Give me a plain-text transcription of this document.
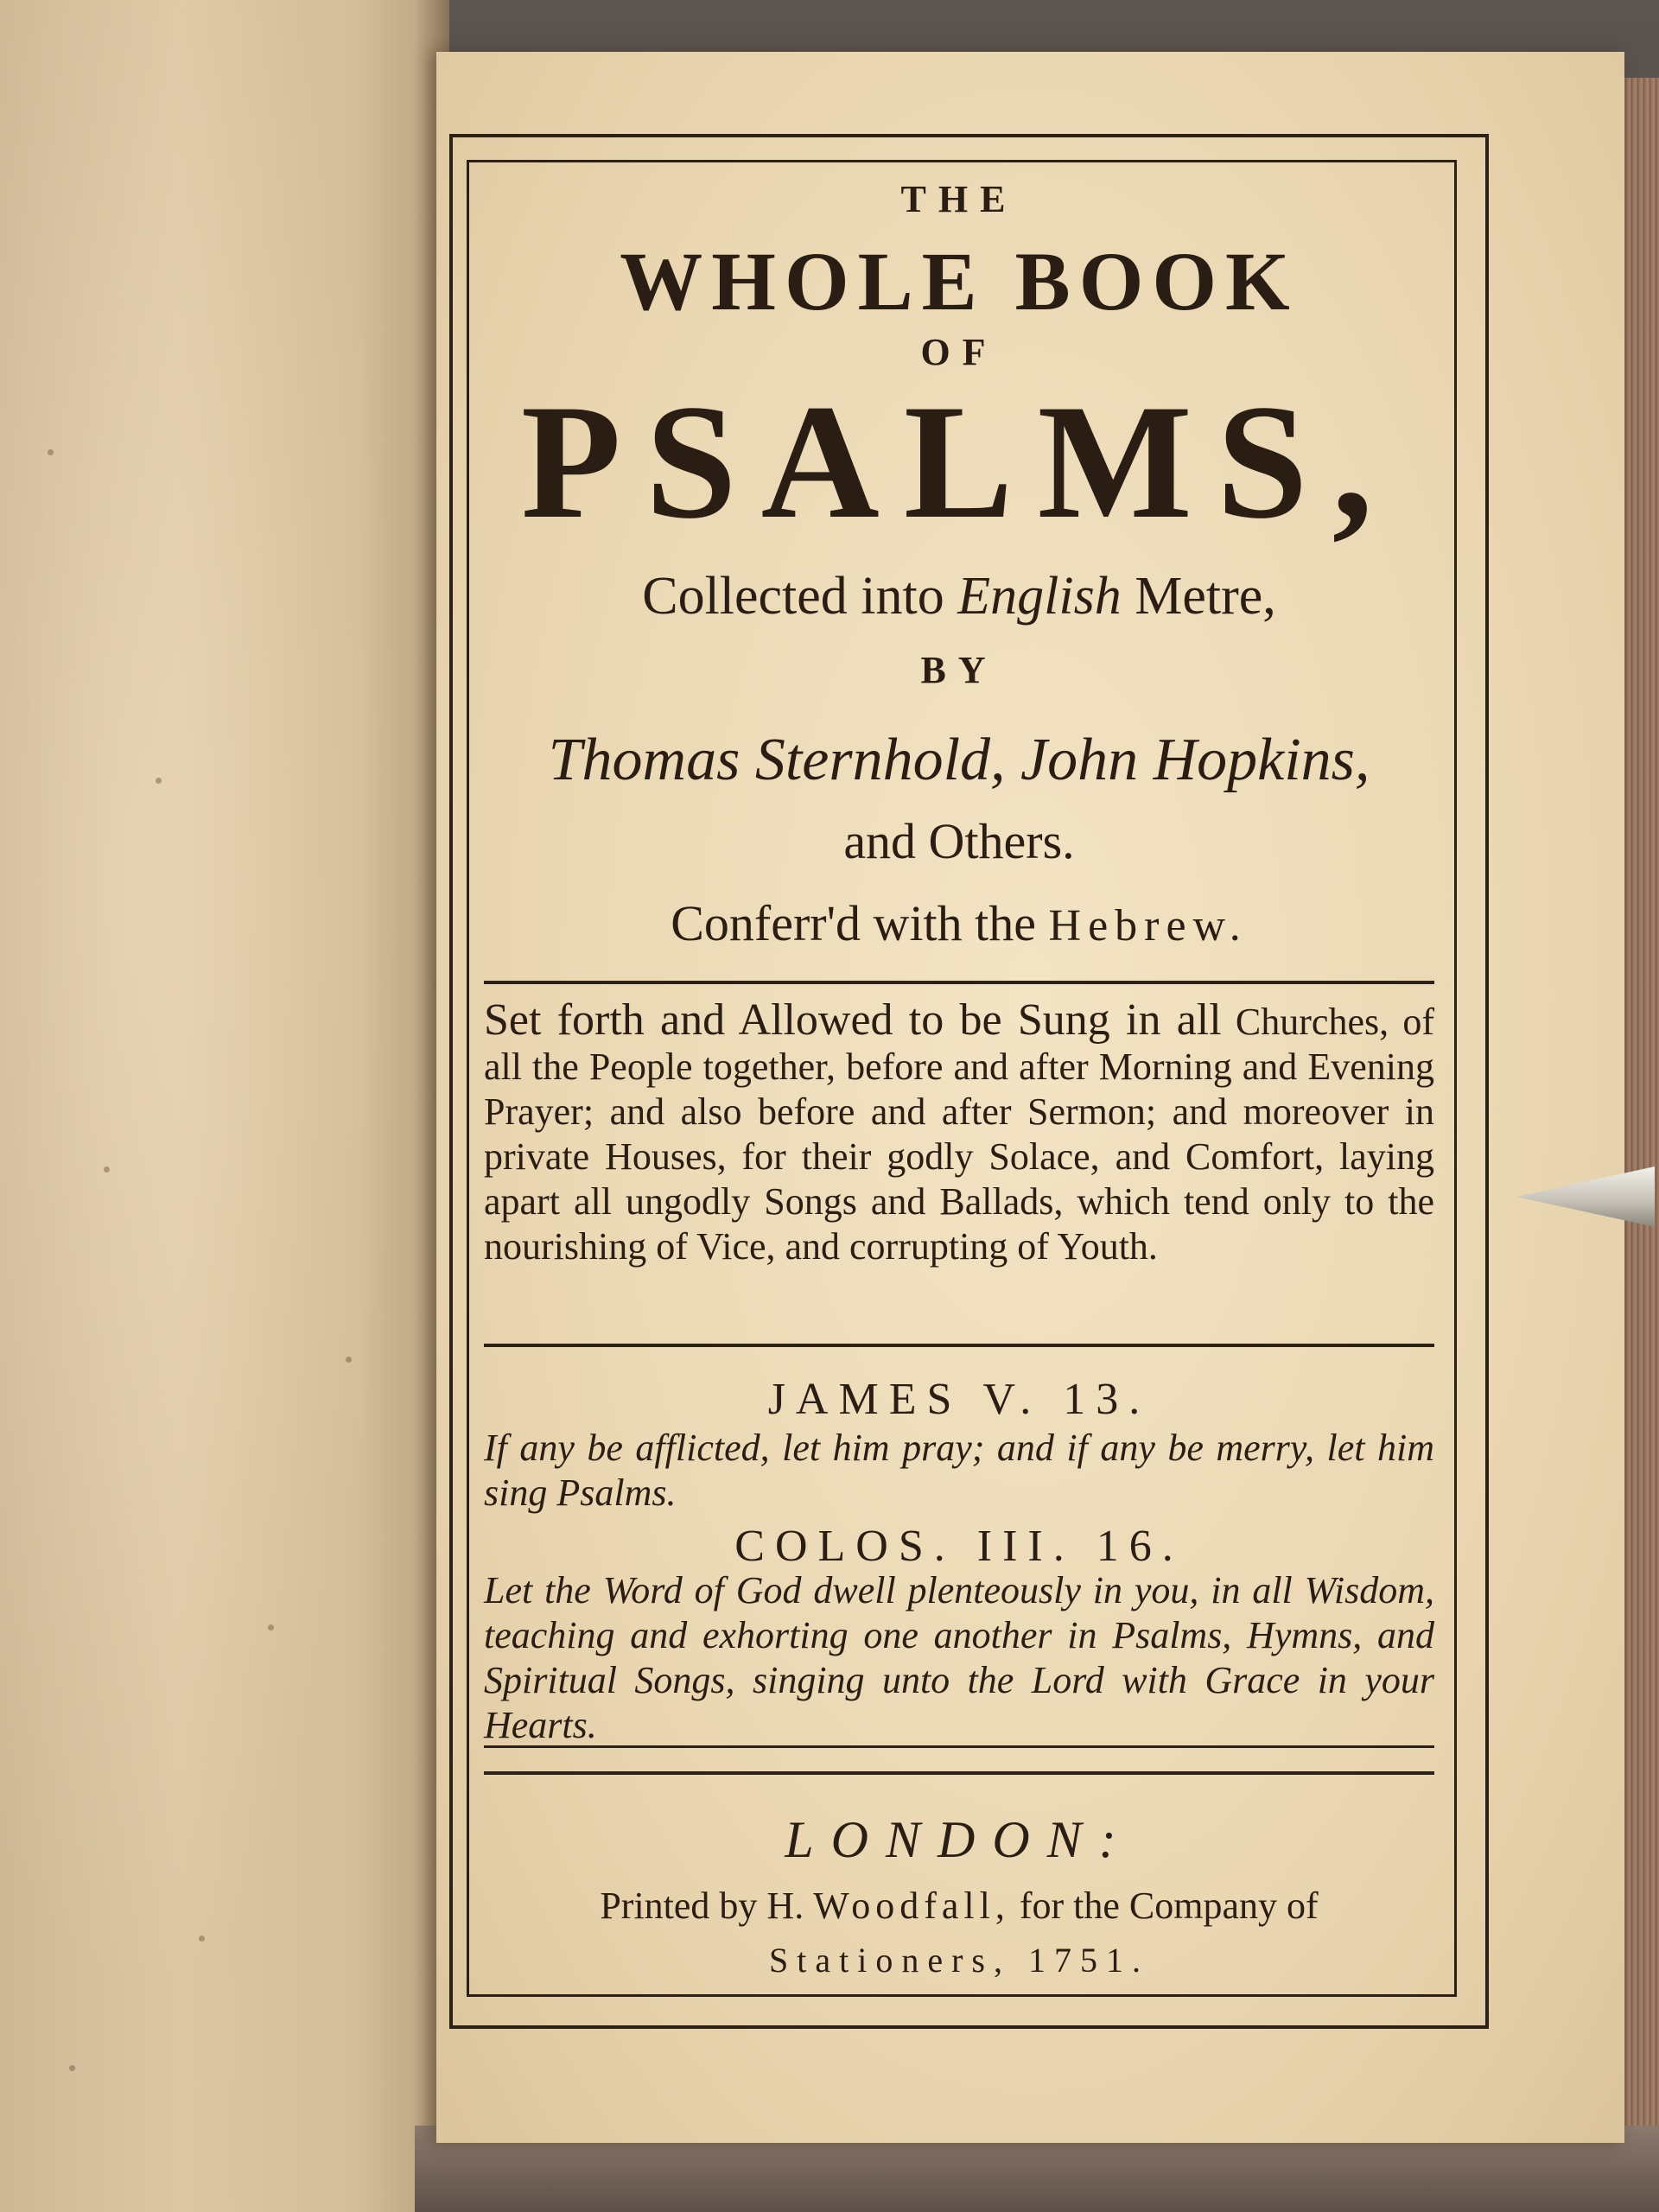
THE
WHOLE BOOK
OF
PSALMS,
Collected into English Metre,
BY
Thomas Sternhold, John Hopkins,
and Others.
Conferr'd with the Hebrew.
Set forth and Allowed to be Sung in all Churches, of all the People together, before and after Morning and Evening Prayer; and also before and after Sermon; and moreover in private Houses, for their godly Solace, and Comfort, laying apart all ungodly Songs and Ballads, which tend only to the nourishing of Vice, and corrupting of Youth.
JAMES V. 13.
If any be afflicted, let him pray; and if any be merry, let him sing Psalms.
COLOS. III. 16.
Let the Word of God dwell plenteously in you, in all Wisdom, teaching and exhorting one another in Psalms, Hymns, and Spiritual Songs, singing unto the Lord with Grace in your Hearts.
LONDON:
Printed by H. Woodfall, for the Company of
Stationers, 1751.
